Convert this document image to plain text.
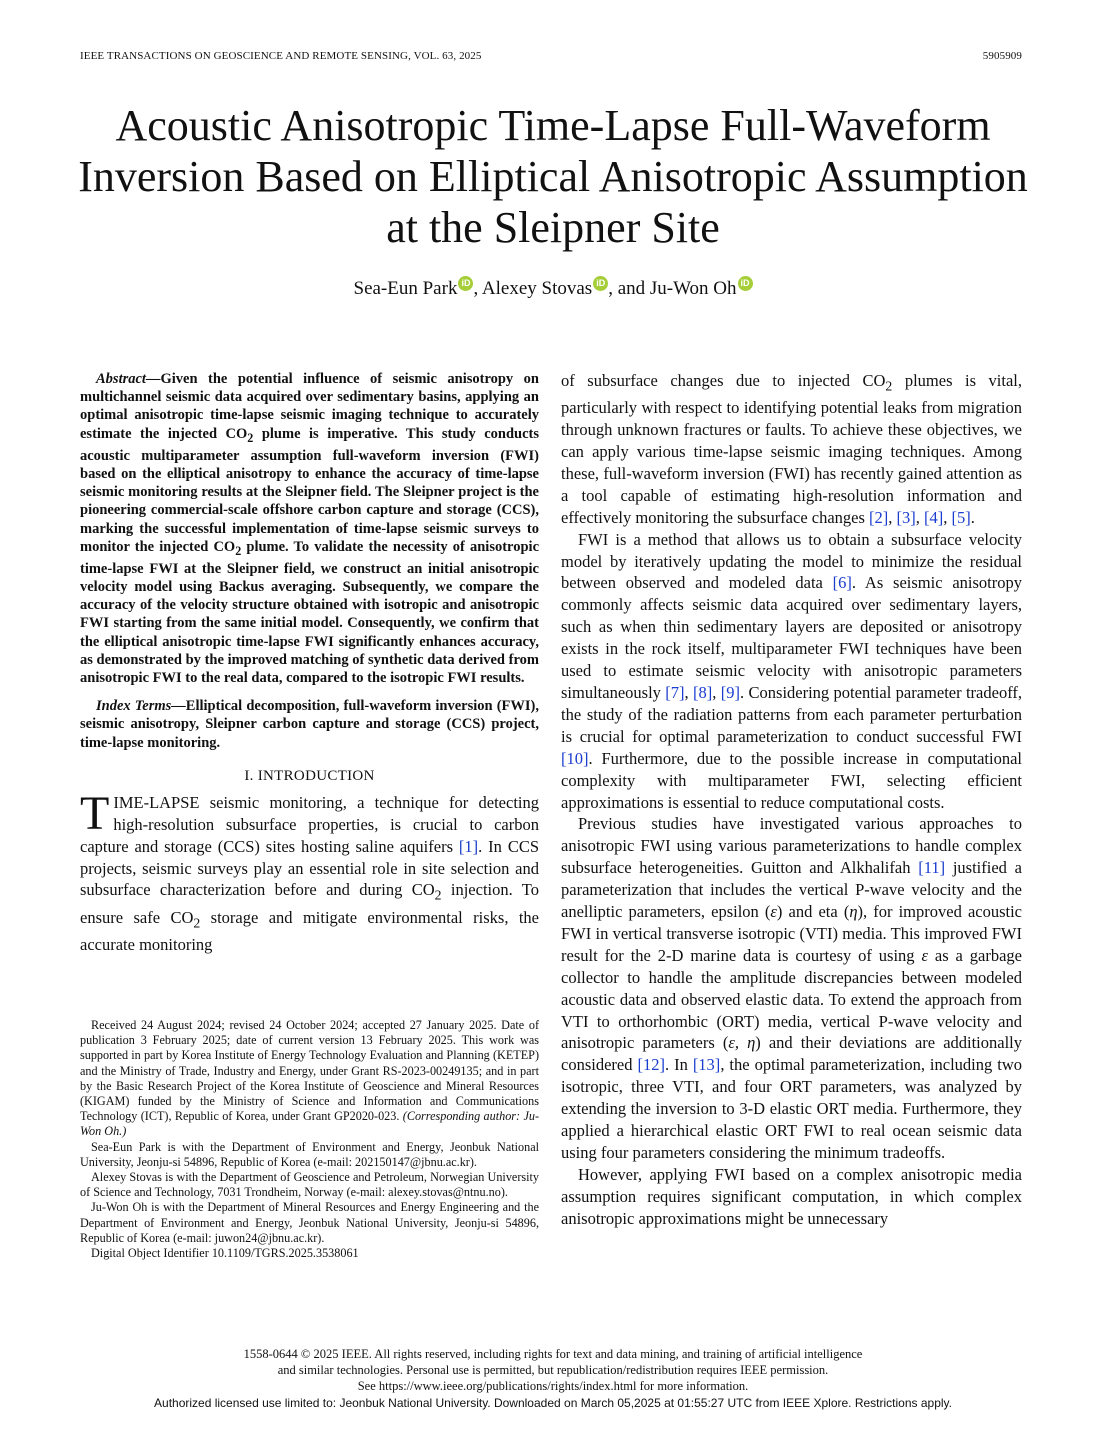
IEEE TRANSACTIONS ON GEOSCIENCE AND REMOTE SENSING, VOL. 63, 2025	5905909
Acoustic Anisotropic Time-Lapse Full-Waveform Inversion Based on Elliptical Anisotropic Assumption at the Sleipner Site
Sea-Eun Park iD , Alexey Stovas iD , and Ju-Won Oh iD

Abstract—Given the potential influence of seismic anisotropy on multichannel seismic data acquired over sedimentary basins, applying an optimal anisotropic time-lapse seismic imaging technique to accurately estimate the injected $CO_2$ plume is imperative. This study conducts acoustic multiparameter assumption full-waveform inversion (FWI) based on the elliptical anisotropy to enhance the accuracy of time-lapse seismic monitoring results at the Sleipner field. The Sleipner project is the pioneering commercial-scale offshore carbon capture and storage (CCS), marking the successful implementation of time-lapse seismic surveys to monitor the injected $CO_2$ plume. To validate the necessity of anisotropic time-lapse FWI at the Sleipner field, we construct an initial anisotropic velocity model using Backus averaging. Subsequently, we compare the accuracy of the velocity structure obtained with isotropic and anisotropic FWI starting from the same initial model. Consequently, we confirm that the elliptical anisotropic time-lapse FWI significantly enhances accuracy, as demonstrated by the improved matching of synthetic data derived from anisotropic FWI to the real data, compared to the isotropic FWI results.

Index Terms—Elliptical decomposition, full-waveform inversion (FWI), seismic anisotropy, Sleipner carbon capture and storage (CCS) project, time-lapse monitoring.
I. INTRODUCTION

TIME-LAPSE seismic monitoring, a technique for detecting high-resolution subsurface properties, is crucial to carbon capture and storage (CCS) sites hosting saline aquifers [1]. In CCS projects, seismic surveys play an essential role in site selection and subsurface characterization before and during $CO_2$ injection. To ensure safe $CO_2$ storage and mitigate environmental risks, the accurate monitoring

Received 24 August 2024; revised 24 October 2024; accepted 27 January 2025. Date of publication 3 February 2025; date of current version 13 February 2025. This work was supported in part by Korea Institute of Energy Technology Evaluation and Planning (KETEP) and the Ministry of Trade, Industry and Energy, under Grant RS-2023-00249135; and in part by the Basic Research Project of the Korea Institute of Geoscience and Mineral Resources (KIGAM) funded by the Ministry of Science and Information and Communications Technology (ICT), Republic of Korea, under Grant GP2020-023. (Corresponding author: Ju-Won Oh.)

Sea-Eun Park is with the Department of Environment and Energy, Jeonbuk National University, Jeonju-si 54896, Republic of Korea (e-mail: 202150147@jbnu.ac.kr).

Alexey Stovas is with the Department of Geoscience and Petroleum, Norwegian University of Science and Technology, 7031 Trondheim, Norway (e-mail: alexey.stovas@ntnu.no).

Ju-Won Oh is with the Department of Mineral Resources and Energy Engineering and the Department of Environment and Energy, Jeonbuk National University, Jeonju-si 54896, Republic of Korea (e-mail: juwon24@jbnu.ac.kr).

Digital Object Identifier 10.1109/TGRS.2025.3538061

of subsurface changes due to injected $CO_2$ plumes is vital, particularly with respect to identifying potential leaks from migration through unknown fractures or faults. To achieve these objectives, we can apply various time-lapse seismic imaging techniques. Among these, full-waveform inversion (FWI) has recently gained attention as a tool capable of estimating high-resolution information and effectively monitoring the subsurface changes [2], [3], [4], [5].

FWI is a method that allows us to obtain a subsurface velocity model by iteratively updating the model to minimize the residual between observed and modeled data [6]. As seismic anisotropy commonly affects seismic data acquired over sedimentary layers, such as when thin sedimentary layers are deposited or anisotropy exists in the rock itself, multiparameter FWI techniques have been used to estimate seismic velocity with anisotropic parameters simultaneously [7], [8], [9]. Considering potential parameter tradeoff, the study of the radiation patterns from each parameter perturbation is crucial for optimal parameterization to conduct successful FWI [10]. Furthermore, due to the possible increase in computational complexity with multiparameter FWI, selecting efficient approximations is essential to reduce computational costs.

Previous studies have investigated various approaches to anisotropic FWI using various parameterizations to handle complex subsurface heterogeneities. Guitton and Alkhalifah [11] justified a parameterization that includes the vertical P-wave velocity and the anelliptic parameters, epsilon (ε) and eta (η), for improved acoustic FWI in vertical transverse isotropic (VTI) media. This improved FWI result for the 2-D marine data is courtesy of using ε as a garbage collector to handle the amplitude discrepancies between modeled acoustic data and observed elastic data. To extend the approach from VTI to orthorhombic (ORT) media, vertical P-wave velocity and anisotropic parameters (ε, η) and their deviations are additionally considered [12]. In [13], the optimal parameterization, including two isotropic, three VTI, and four ORT parameters, was analyzed by extending the inversion to 3-D elastic ORT media. Furthermore, they applied a hierarchical elastic ORT FWI to real ocean seismic data using four parameters considering the minimum tradeoffs.

However, applying FWI based on a complex anisotropic media assumption requires significant computation, in which complex anisotropic approximations might be unnecessary

1558-0644 © 2025 IEEE. All rights reserved, including rights for text and data mining, and training of artificial intelligence
and similar technologies. Personal use is permitted, but republication/redistribution requires IEEE permission.
See https://www.ieee.org/publications/rights/index.html for more information.
Authorized licensed use limited to: Jeonbuk National University. Downloaded on March 05,2025 at 01:55:27 UTC from IEEE Xplore. Restrictions apply.
